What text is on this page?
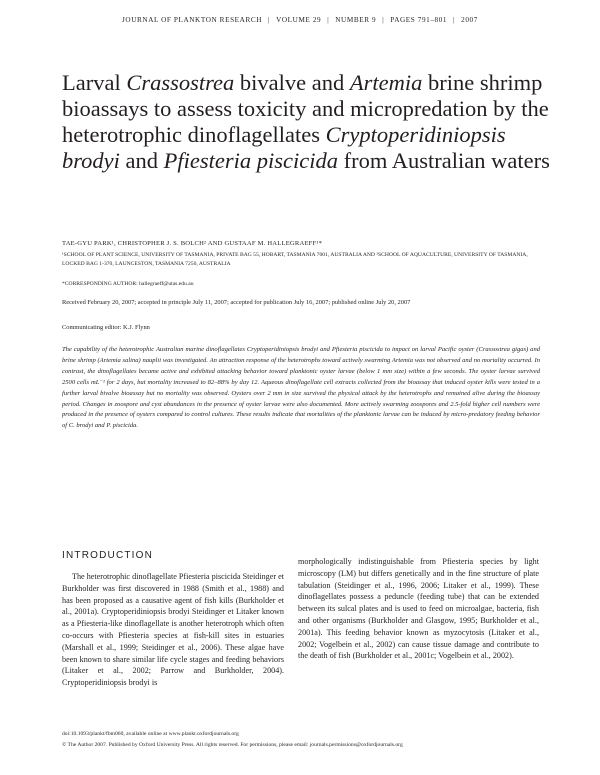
JOURNAL OF PLANKTON RESEARCH | VOLUME 29 | NUMBER 9 | PAGES 791–801 | 2007
Larval Crassostrea bivalve and Artemia brine shrimp bioassays to assess toxicity and micropredation by the heterotrophic dinoflagellates Cryptoperidiniopsis brodyi and Pfiesteria piscicida from Australian waters
TAE-GYU PARK¹, CHRISTOPHER J. S. BOLCH² AND GUSTAAF M. HALLEGRAEFF¹*
¹SCHOOL OF PLANT SCIENCE, UNIVERSITY OF TASMANIA, PRIVATE BAG 55, HOBART, TASMANIA 7001, AUSTRALIA AND ²SCHOOL OF AQUACULTURE, UNIVERSITY OF TASMANIA, LOCKED BAG 1-370, LAUNCESTON, TASMANIA 7250, AUSTRALIA
*CORRESPONDING AUTHOR: hallegraeff@utas.edu.au
Received February 20, 2007; accepted in principle July 11, 2007; accepted for publication July 16, 2007; published online July 20, 2007
Communicating editor: K.J. Flynn

The capability of the heterotrophic Australian marine dinoflagellates Cryptoperidiniopsis brodyi and Pfiesteria piscicida to impact on larval Pacific oyster (Crassostrea gigas) and brine shrimp (Artemia salina) nauplii was investigated. An attraction response of the heterotrophs toward actively swarming Artemia was not observed and no mortality occurred. In contrast, the dinoflagellates became active and exhibited attacking behavior toward planktonic oyster larvae (below 1 mm size) within a few seconds. The oyster larvae survived 2500 cells mL⁻¹ for 2 days, but mortality increased to 82–88% by day 12. Aqueous dinoflagellate cell extracts collected from the bioassay that induced oyster kills were tested in a further larval bivalve bioassay but no mortality was observed. Oysters over 2 mm in size survived the physical attack by the heterotrophs and remained alive during the bioassay period. Changes in zoospore and cyst abundances in the presence of oyster larvae were also documented. More actively swarming zoospores and 2.5-fold higher cell numbers were produced in the presence of oysters compared to control cultures. These results indicate that mortalities of the planktonic larvae can be induced by micro-predatory feeding behavior of C. brodyi and P. piscicida.

INTRODUCTION

The heterotrophic dinoflagellate Pfiesteria piscicida Steidinger et Burkholder was first discovered in 1988 (Smith et al., 1988) and has been proposed as a causative agent of fish kills (Burkholder et al., 2001a). Cryptoperidiniopsis brodyi Steidinger et Litaker known as a Pfiesteria-like dinoflagellate is another heterotroph which often co-occurs with Pfiesteria species at fish-kill sites in estuaries (Marshall et al., 1999; Steidinger et al., 2006). These algae have been known to share similar life cycle stages and feeding behaviors (Litaker et al., 2002; Parrow and Burkholder, 2004). Cryptoperidiniopsis brodyi is

morphologically indistinguishable from Pfiesteria species by light microscopy (LM) but differs genetically and in the fine structure of plate tabulation (Steidinger et al., 1996, 2006; Litaker et al., 1999). These dinoflagellates possess a peduncle (feeding tube) that can be extended between its sulcal plates and is used to feed on microalgae, bacteria, fish and other organisms (Burkholder and Glasgow, 1995; Burkholder et al., 2001a). This feeding behavior known as myzocytosis (Litaker et al., 2002; Vogelbein et al., 2002) can cause tissue damage and contribute to the death of fish (Burkholder et al., 2001c; Vogelbein et al., 2002).

doi:10.1093/plankt/fbm060, available online at www.plankt.oxfordjournals.org
© The Author 2007. Published by Oxford University Press. All rights reserved. For permissions, please email: journals.permissions@oxfordjournals.org
